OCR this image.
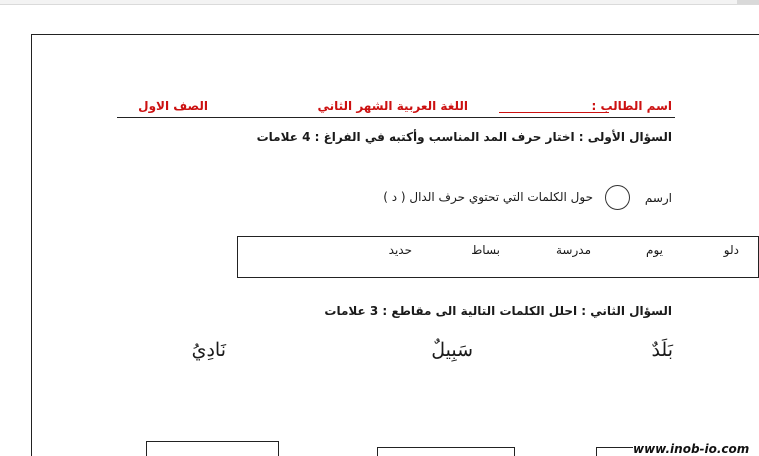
اسم الطالب :
اللغة العربية الشهر الثاني
الصف الاول
السؤال الأولى : اختار حرف المد المناسب وأكتبه في الفراغ : 4 علامات
ارسم
حول الكلمات التي تحتوي حرف الدال ( د )
دلو
يوم
مدرسة
بساط
حديد
السؤال الثاني : احلل الكلمات التالية الى مقاطع : 3 علامات
بَلَدٌ
سَبِيلٌ
نَادِيُ
www.inob-io.com
